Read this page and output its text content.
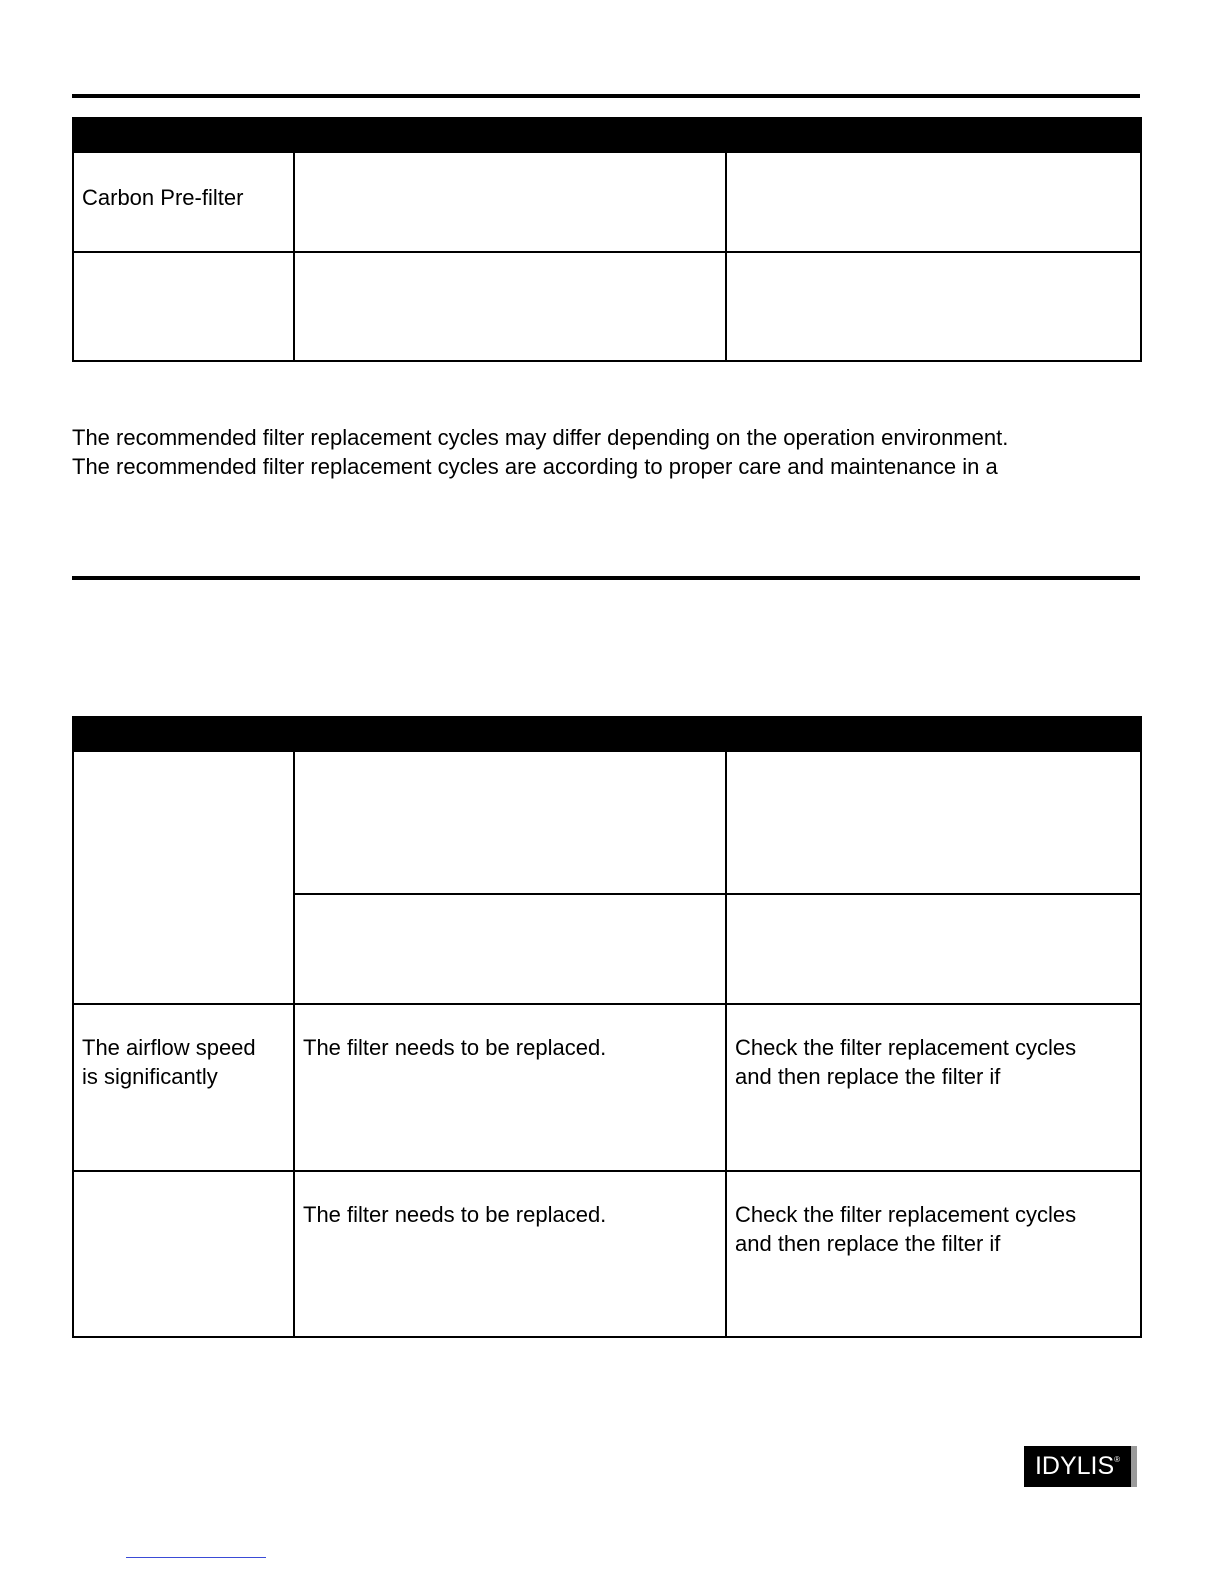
Carbon Pre-filter		

The recommended filter replacement cycles may differ depending on the operation environment.

The recommended filter replacement cycles are according to proper care and maintenance in a

The airflow speed is significantly	The filter needs to be replaced.	Check the filter replacement cycles and then replace the filter if
	The filter needs to be replaced.	Check the filter replacement cycles and then replace the filter if
IDYLIS®
